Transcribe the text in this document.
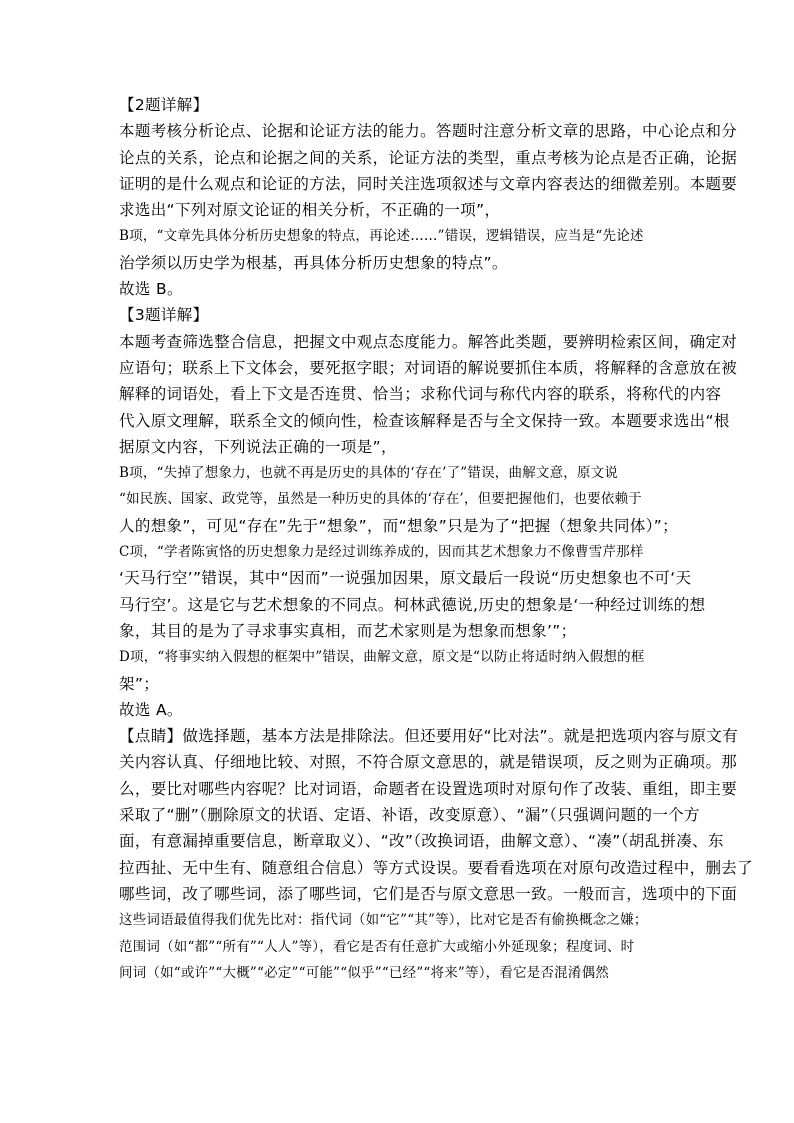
【2题详解】
本题考核分析论点、论据和论证方法的能力。答题时注意分析文章的思路，中心论点和分
论点的关系，论点和论据之间的关系，论证方法的类型，重点考核为论点是否正确，论据
证明的是什么观点和论证的方法，同时关注选项叙述与文章内容表达的细微差别。本题要
求选出“下列对原文论证的相关分析，不正确的一项”，
B项，“文章先具体分析历史想象的特点，再论述……”错误，逻辑错误，应当是“先论述
治学须以历史学为根基，再具体分析历史想象的特点”。
故选 B。
【3题详解】
本题考查筛选整合信息，把握文中观点态度能力。解答此类题，要辨明检索区间，确定对
应语句；联系上下文体会，要死抠字眼；对词语的解说要抓住本质，将解释的含意放在被
解释的词语处，看上下文是否连贯、恰当；求称代词与称代内容的联系，将称代的内容
代入原文理解，联系全文的倾向性，检查该解释是否与全文保持一致。本题要求选出“根
据原文内容，下列说法正确的一项是”，
B项，“失掉了想象力，也就不再是历史的具体的‘存在’了”错误，曲解文意，原文说
“如民族、国家、政党等，虽然是一种历史的具体的‘存在’，但要把握他们，也要依赖于
人的想象”，可见“存在”先于“想象”，而“想象”只是为了“把握（想象共同体）”；
C项，“学者陈寅恪的历史想象力是经过训练养成的，因而其艺术想象力不像曹雪芹那样
‘天马行空’”错误，其中“因而”一说强加因果，原文最后一段说“历史想象也不可‘天
马行空’。这是它与艺术想象的不同点。柯林武德说,历史的想象是‘一种经过训练的想
象，其目的是为了寻求事实真相，而艺术家则是为想象而想象’”；
D项，“将事实纳入假想的框架中”错误，曲解文意，原文是“以防止将适时纳入假想的框
架”；
故选 A。
【点睛】做选择题，基本方法是排除法。但还要用好“比对法”。就是把选项内容与原文有
关内容认真、仔细地比较、对照，不符合原文意思的，就是错误项，反之则为正确项。那
么，要比对哪些内容呢？比对词语，命题者在设置选项时对原句作了改装、重组，即主要
采取了“删”（删除原文的状语、定语、补语，改变原意）、“漏”（只强调问题的一个方
面，有意漏掉重要信息，断章取义）、“改”（改换词语，曲解文意）、“凑”（胡乱拼凑、东
拉西扯、无中生有、随意组合信息）等方式设误。要看看选项在对原句改造过程中，删去了
哪些词，改了哪些词，添了哪些词，它们是否与原文意思一致。一般而言，选项中的下面
这些词语最值得我们优先比对：指代词（如“它”“其”等），比对它是否有偷换概念之嫌；
范围词（如“都”“所有”“人人”等），看它是否有任意扩大或缩小外延现象；程度词、时
间词（如“或许”“大概”“必定”“可能”“似乎”“已经”“将来”等），看它是否混淆偶然
